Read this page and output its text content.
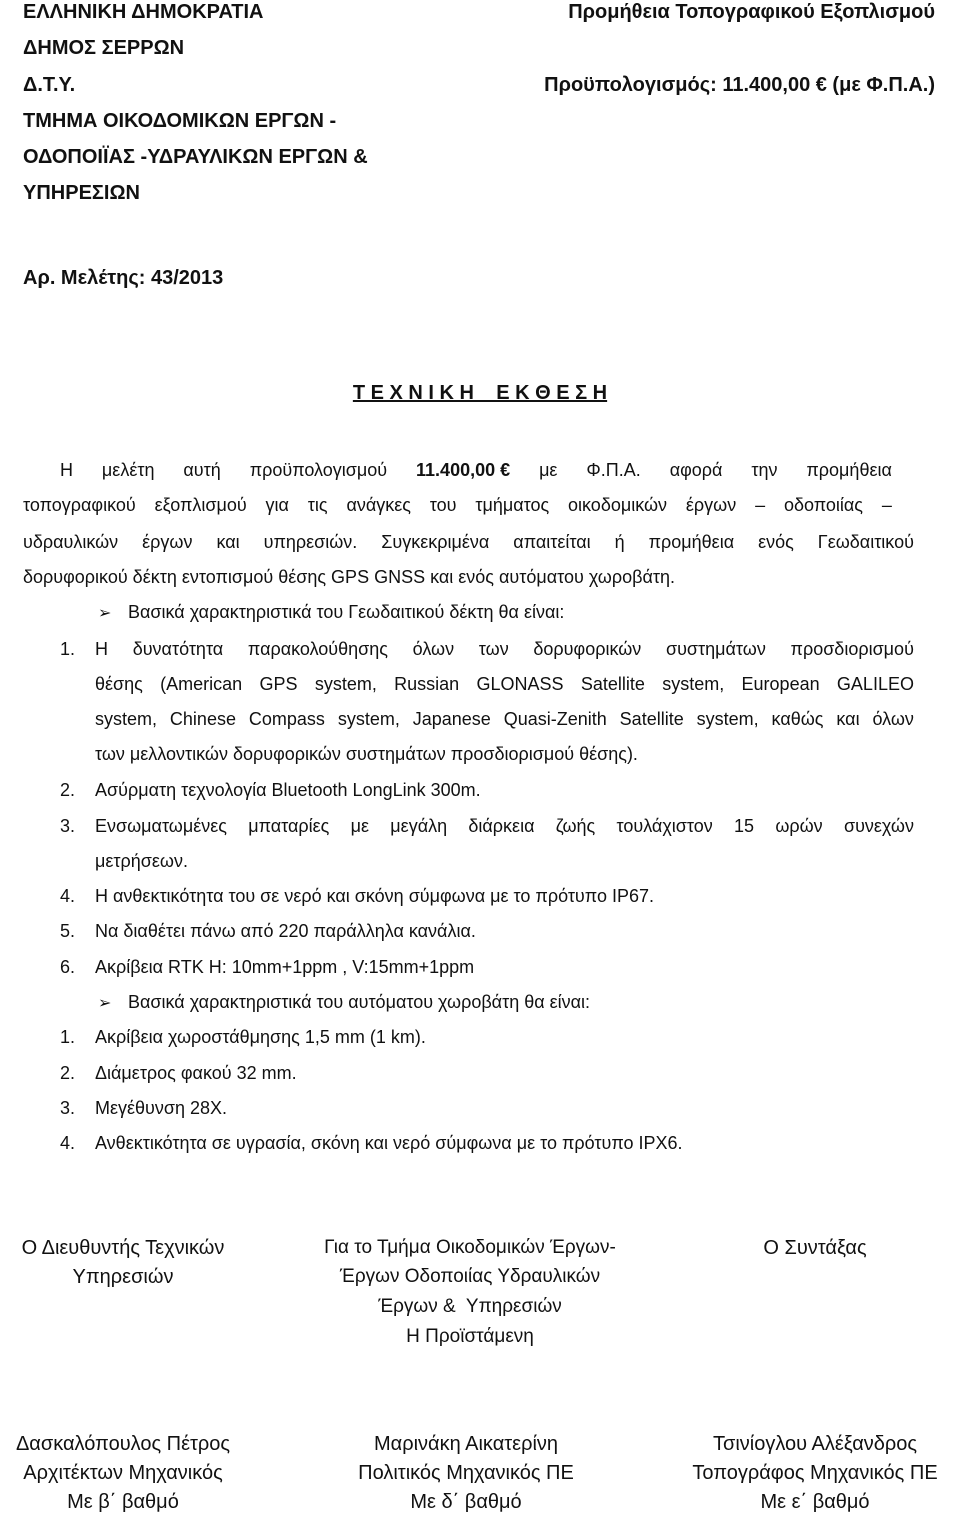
ΕΛΛΗΝΙΚΗ ΔΗΜΟΚΡΑΤΙΑ
ΔΗΜΟΣ ΣΕΡΡΩΝ
Δ.Τ.Υ.
ΤΜΗΜΑ ΟΙΚΟΔΟΜΙΚΩΝ ΕΡΓΩΝ -
ΟΔΟΠΟΙΪΑΣ -ΥΔΡΑΥΛΙΚΩΝ ΕΡΓΩΝ &
ΥΠΗΡΕΣΙΩΝ
Προμήθεια Τοπογραφικού Εξοπλισμού
Προϋπολογισμός: 11.400,00 € (με Φ.Π.Α.)
Αρ. Μελέτης: 43/2013
Τ Ε Χ Ν Ι Κ Η    Ε Κ Θ Ε Σ Η
Η μελέτη αυτή προϋπολογισμού 11.400,00 € με Φ.Π.Α. αφορά την προμήθεια
τοπογραφικού εξοπλισμού για τις ανάγκες του τμήματος οικοδομικών έργων – οδοποιίας –
υδραυλικών έργων και υπηρεσιών. Συγκεκριμένα απαιτείται ή προμήθεια ενός Γεωδαιτικού
δορυφορικού δέκτη εντοπισμού θέσης GPS GNSS και ενός αυτόματου χωροβάτη.
➢ Βασικά χαρακτηριστικά του Γεωδαιτικού δέκτη θα είναι:
1. Η δυνατότητα παρακολούθησης όλων των δορυφορικών συστημάτων προσδιορισμού
θέσης (American GPS system, Russian GLONASS Satellite system, European GALILEO
system, Chinese Compass system, Japanese Quasi-Zenith Satellite system, καθώς και όλων
των μελλοντικών δορυφορικών συστημάτων προσδιορισμού θέσης).
2. Ασύρματη τεχνολογία Bluetooth LongLink 300m.
3. Ενσωματωμένες μπαταρίες με μεγάλη διάρκεια ζωής τουλάχιστον 15 ωρών συνεχών
μετρήσεων.
4. Η ανθεκτικότητα του σε νερό και σκόνη σύμφωνα με το πρότυπο IP67.
5. Να διαθέτει πάνω από 220 παράλληλα κανάλια.
6. Ακρίβεια RTK H: 10mm+1ppm , V:15mm+1ppm
➢ Βασικά χαρακτηριστικά του αυτόματου χωροβάτη θα είναι:
1. Ακρίβεια χωροστάθμησης 1,5 mm (1 km).
2. Διάμετρος φακού 32 mm.
3. Μεγέθυνση 28X.
4. Ανθεκτικότητα σε υγρασία, σκόνη και νερό σύμφωνα με το πρότυπο IPX6.
Ο Διευθυντής Τεχνικών
Υπηρεσιών
Για το Τμήμα Οικοδομικών Έργων-
Έργων Οδοποιίας Υδραυλικών
Έργων &  Υπηρεσιών
Η Προϊστάμενη
Ο Συντάξας
Δασκαλόπουλος Πέτρος
Αρχιτέκτων Μηχανικός
Με β΄ βαθμό
Μαρινάκη Αικατερίνη
Πολιτικός Μηχανικός ΠΕ
Με δ΄ βαθμό
Τσινίογλου Αλέξανδρος
Τοπογράφος Μηχανικός ΠΕ
Με ε΄ βαθμό
